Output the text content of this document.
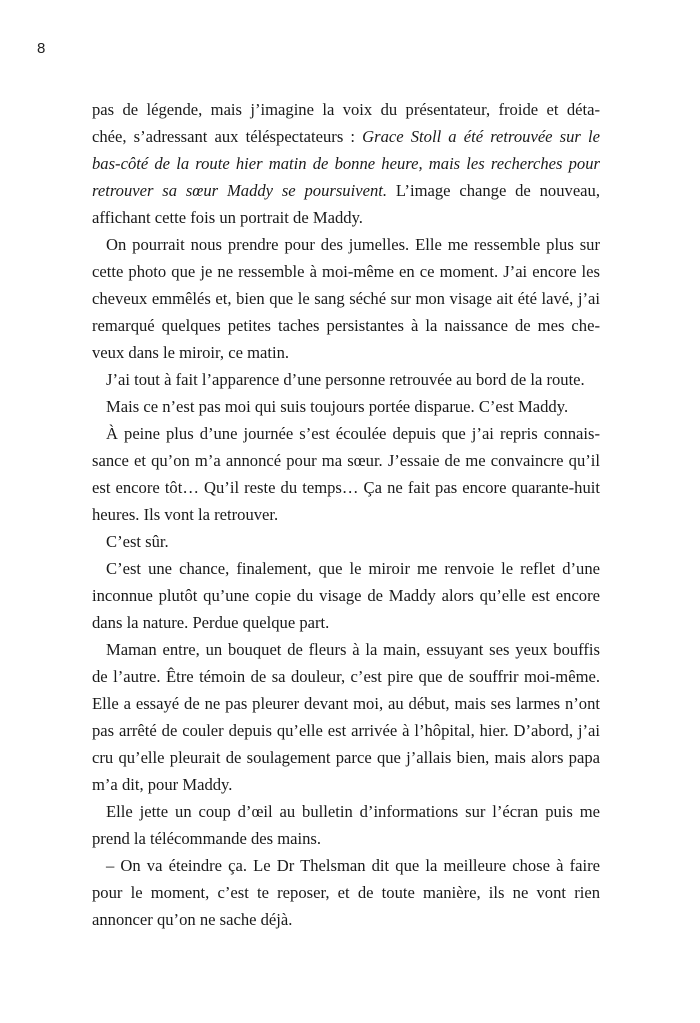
8
pas de légende, mais j’imagine la voix du présentateur, froide et déta-
chée, s’adressant aux téléspectateurs : Grace Stoll a été retrouvée sur le
bas-côté de la route hier matin de bonne heure, mais les recherches pour
retrouver sa sœur Maddy se poursuivent. L’image change de nouveau,
affichant cette fois un portrait de Maddy.
On pourrait nous prendre pour des jumelles. Elle me ressemble plus sur
cette photo que je ne ressemble à moi-même en ce moment. J’ai encore les
cheveux emmêlés et, bien que le sang séché sur mon visage ait été lavé, j’ai
remarqué quelques petites taches persistantes à la naissance de mes che-
veux dans le miroir, ce matin.
J’ai tout à fait l’apparence d’une personne retrouvée au bord de la route.
Mais ce n’est pas moi qui suis toujours portée disparue. C’est Maddy.
À peine plus d’une journée s’est écoulée depuis que j’ai repris connais-
sance et qu’on m’a annoncé pour ma sœur. J’essaie de me convaincre qu’il
est encore tôt… Qu’il reste du temps… Ça ne fait pas encore quarante-huit
heures. Ils vont la retrouver.
C’est sûr.
C’est une chance, finalement, que le miroir me renvoie le reflet d’une
inconnue plutôt qu’une copie du visage de Maddy alors qu’elle est encore
dans la nature. Perdue quelque part.
Maman entre, un bouquet de fleurs à la main, essuyant ses yeux bouffis
de l’autre. Être témoin de sa douleur, c’est pire que de souffrir moi-même.
Elle a essayé de ne pas pleurer devant moi, au début, mais ses larmes n’ont
pas arrêté de couler depuis qu’elle est arrivée à l’hôpital, hier. D’abord, j’ai
cru qu’elle pleurait de soulagement parce que j’allais bien, mais alors papa
m’a dit, pour Maddy.
Elle jette un coup d’œil au bulletin d’informations sur l’écran puis me
prend la télécommande des mains.
– On va éteindre ça. Le Dr Thelsman dit que la meilleure chose à faire
pour le moment, c’est te reposer, et de toute manière, ils ne vont rien
annoncer qu’on ne sache déjà.
